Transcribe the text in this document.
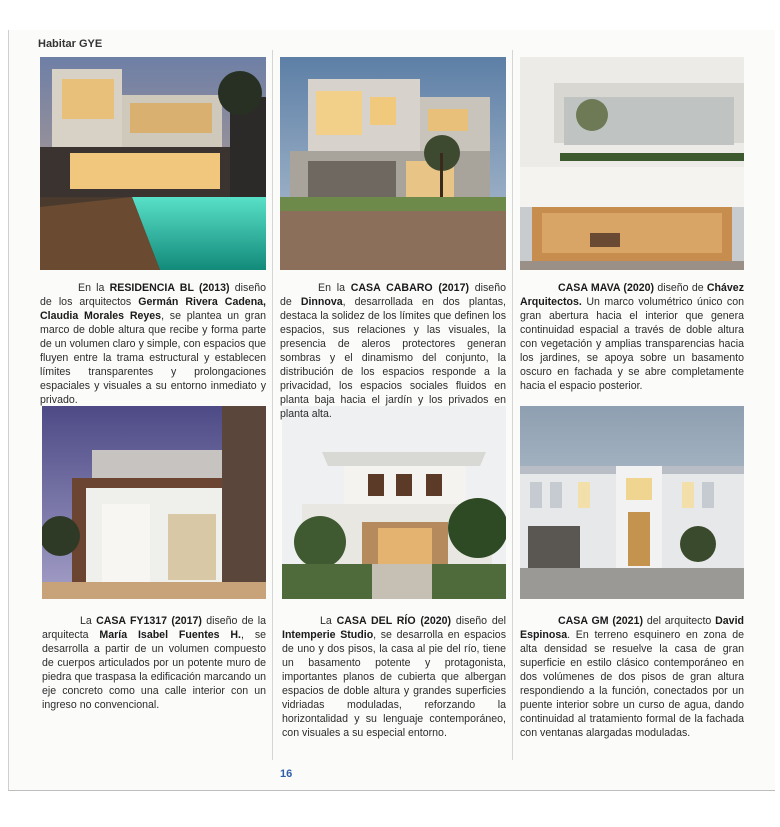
Habitar GYE
En la RESIDENCIA BL (2013) diseño de los arquitectos Germán Rivera Cadena, Claudia Morales Reyes, se plantea un gran marco de doble altura que recibe y forma parte de un volumen claro y simple, con espacios que fluyen entre la trama estructural y establecen límites transparentes y prolongaciones espaciales y visuales a su entorno inmediato y privado.
En la CASA CABARO (2017) diseño de Dinnova, desarrollada en dos plantas, destaca la solidez de los límites que definen los espacios, sus relaciones y las visuales, la presencia de aleros protectores generan sombras y el dinamismo del conjunto, la distribución de los espacios responde a la privacidad, los espacios sociales fluidos en planta baja hacia el jardín y los privados en planta alta.
CASA MAVA (2020) diseño de Chávez Arquitectos. Un marco volumétrico único con gran abertura hacia el interior que genera continuidad espacial a través de doble altura con vegetación y amplias transparencias hacia los jardines, se apoya sobre un basamento oscuro en fachada y se abre completamente hacia el espacio posterior.
La CASA FY1317 (2017) diseño de la arquitecta María Isabel Fuentes H., se desarrolla a partir de un volumen compuesto de cuerpos articulados por un potente muro de piedra que traspasa la edificación marcando un eje concreto como una calle interior con un ingreso no convencional.
La CASA DEL RÍO (2020) diseño del Intemperie Studio, se desarrolla en espacios de uno y dos pisos, la casa al pie del río, tiene un basamento potente y protagonista, importantes planos de cubierta que albergan espacios de doble altura y grandes superficies vidriadas moduladas, reforzando la horizontalidad y su lenguaje contemporáneo, con visuales a su especial entorno.
CASA GM (2021) del arquitecto David Espinosa. En terreno esquinero en zona de alta densidad se resuelve la casa de gran superficie en estilo clásico contemporáneo en dos volúmenes de dos pisos de gran altura respondiendo a la función, conectados por un puente interior sobre un curso de agua, dando continuidad al tratamiento formal de la fachada con ventanas alargadas moduladas.
16
